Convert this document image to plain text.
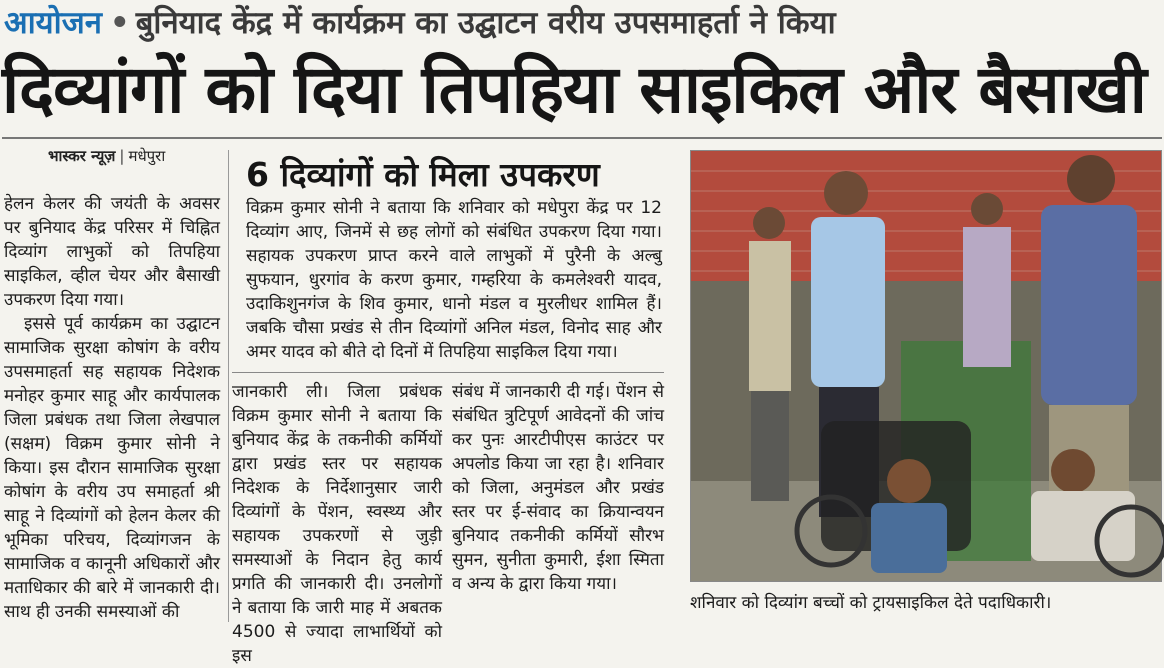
आयोजन • बुनियाद केंद्र में कार्यक्रम का उद्घाटन वरीय उपसमाहर्ता ने किया
दिव्यांगों को दिया तिपहिया साइकिल और बैसाखी
भास्कर न्यूज़ | मधेपुरा

हेलन केलर की जयंती के अवसर पर बुनियाद केंद्र परिसर में चिह्नित दिव्यांग लाभुकों को तिपहिया साइकिल, व्हील चेयर और बैसाखी उपकरण दिया गया।

इससे पूर्व कार्यक्रम का उद्घाटन सामाजिक सुरक्षा कोषांग के वरीय उपसमाहर्ता सह सहायक निदेशक मनोहर कुमार साहू और कार्यपालक जिला प्रबंधक तथा जिला लेखपाल (सक्षम) विक्रम कुमार सोनी ने किया। इस दौरान सामाजिक सुरक्षा कोषांग के वरीय उप समाहर्ता श्री साहू ने दिव्यांगों को हेलन केलर की भूमिका परिचय, दिव्यांगजन के सामाजिक व कानूनी अधिकारों और मताधिकार की बारे में जानकारी दी। साथ ही उनकी समस्याओं की

6 दिव्यांगों को मिला उपकरण
विक्रम कुमार सोनी ने बताया कि शनिवार को मधेपुरा केंद्र पर 12 दिव्यांग आए, जिनमें से छह लोगों को संबंधित उपकरण दिया गया। सहायक उपकरण प्राप्त करने वाले लाभुकों में पुरैनी के अल्बु सुफयान, धुरगांव के करण कुमार, गम्हरिया के कमलेश्वरी यादव, उदाकिशुनगंज के शिव कुमार, धानो मंडल व मुरलीधर शामिल हैं। जबकि चौसा प्रखंड से तीन दिव्यांगों अनिल मंडल, विनोद साह और अमर यादव को बीते दो दिनों में तिपहिया साइकिल दिया गया।
जानकारी ली। जिला प्रबंधक विक्रम कुमार सोनी ने बताया कि बुनियाद केंद्र के तकनीकी कर्मियों द्वारा प्रखंड स्तर पर सहायक निदेशक के निर्देशानुसार जारी दिव्यांगों के पेंशन, स्वस्थ्य और सहायक उपकरणों से जुड़ी समस्याओं के निदान हेतु कार्य प्रगति की जानकारी दी। उनलोगों ने बताया कि जारी माह में अबतक 4500 से ज्यादा लाभार्थियों को इस
संबंध में जानकारी दी गई। पेंशन से संबंधित त्रुटिपूर्ण आवेदनों की जांच कर पुनः आरटीपीएस काउंटर पर अपलोड किया जा रहा है। शनिवार को जिला, अनुमंडल और प्रखंड स्तर पर ई-संवाद का क्रियान्वयन बुनियाद तकनीकी कर्मियों सौरभ सुमन, सुनीता कुमारी, ईशा स्मिता व अन्य के द्वारा किया गया।
शनिवार को दिव्यांग बच्चों को ट्रायसाइकिल देते पदाधिकारी।
